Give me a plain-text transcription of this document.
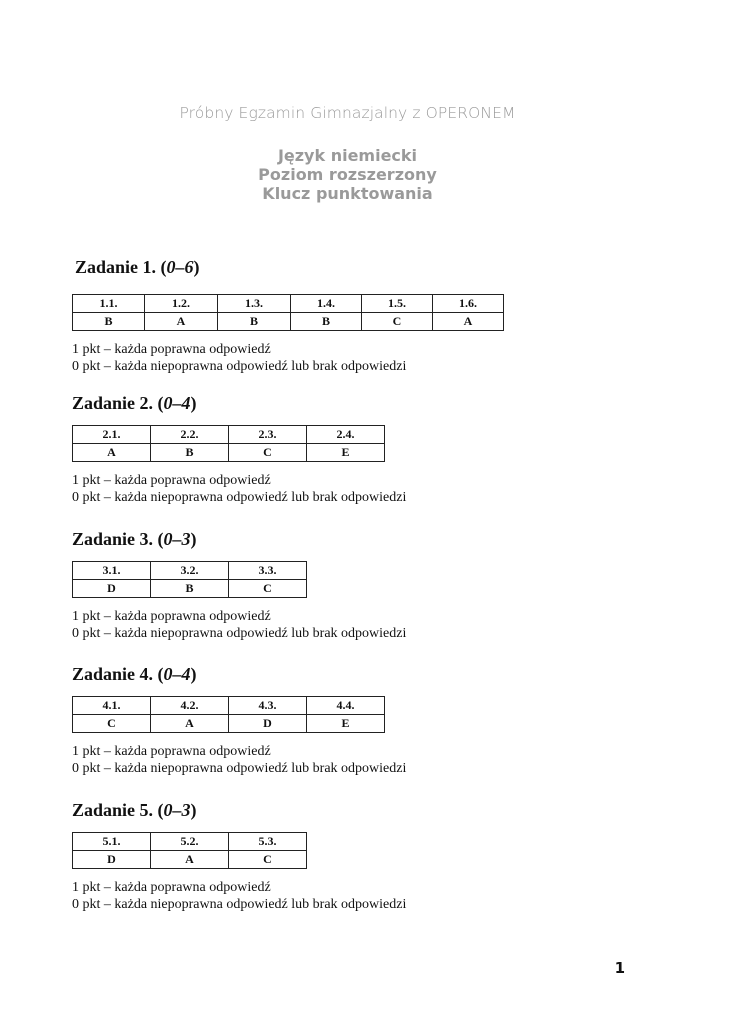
Próbny Egzamin Gimnazjalny z OPERONEM
Język niemiecki
Poziom rozszerzony
Klucz punktowania
Zadanie 1. (0–6)
1.1.	1.2.	1.3.	1.4.	1.5.	1.6.
B	A	B	B	C	A
1 pkt – każda poprawna odpowiedź
0 pkt – każda niepoprawna odpowiedź lub brak odpowiedzi
Zadanie 2. (0–4)
2.1.	2.2.	2.3.	2.4.
A	B	C	E
1 pkt – każda poprawna odpowiedź
0 pkt – każda niepoprawna odpowiedź lub brak odpowiedzi
Zadanie 3. (0–3)
3.1.	3.2.	3.3.
D	B	C
1 pkt – każda poprawna odpowiedź
0 pkt – każda niepoprawna odpowiedź lub brak odpowiedzi
Zadanie 4. (0–4)
4.1.	4.2.	4.3.	4.4.
C	A	D	E
1 pkt – każda poprawna odpowiedź
0 pkt – każda niepoprawna odpowiedź lub brak odpowiedzi
Zadanie 5. (0–3)
5.1.	5.2.	5.3.
D	A	C
1 pkt – każda poprawna odpowiedź
0 pkt – każda niepoprawna odpowiedź lub brak odpowiedzi
1
